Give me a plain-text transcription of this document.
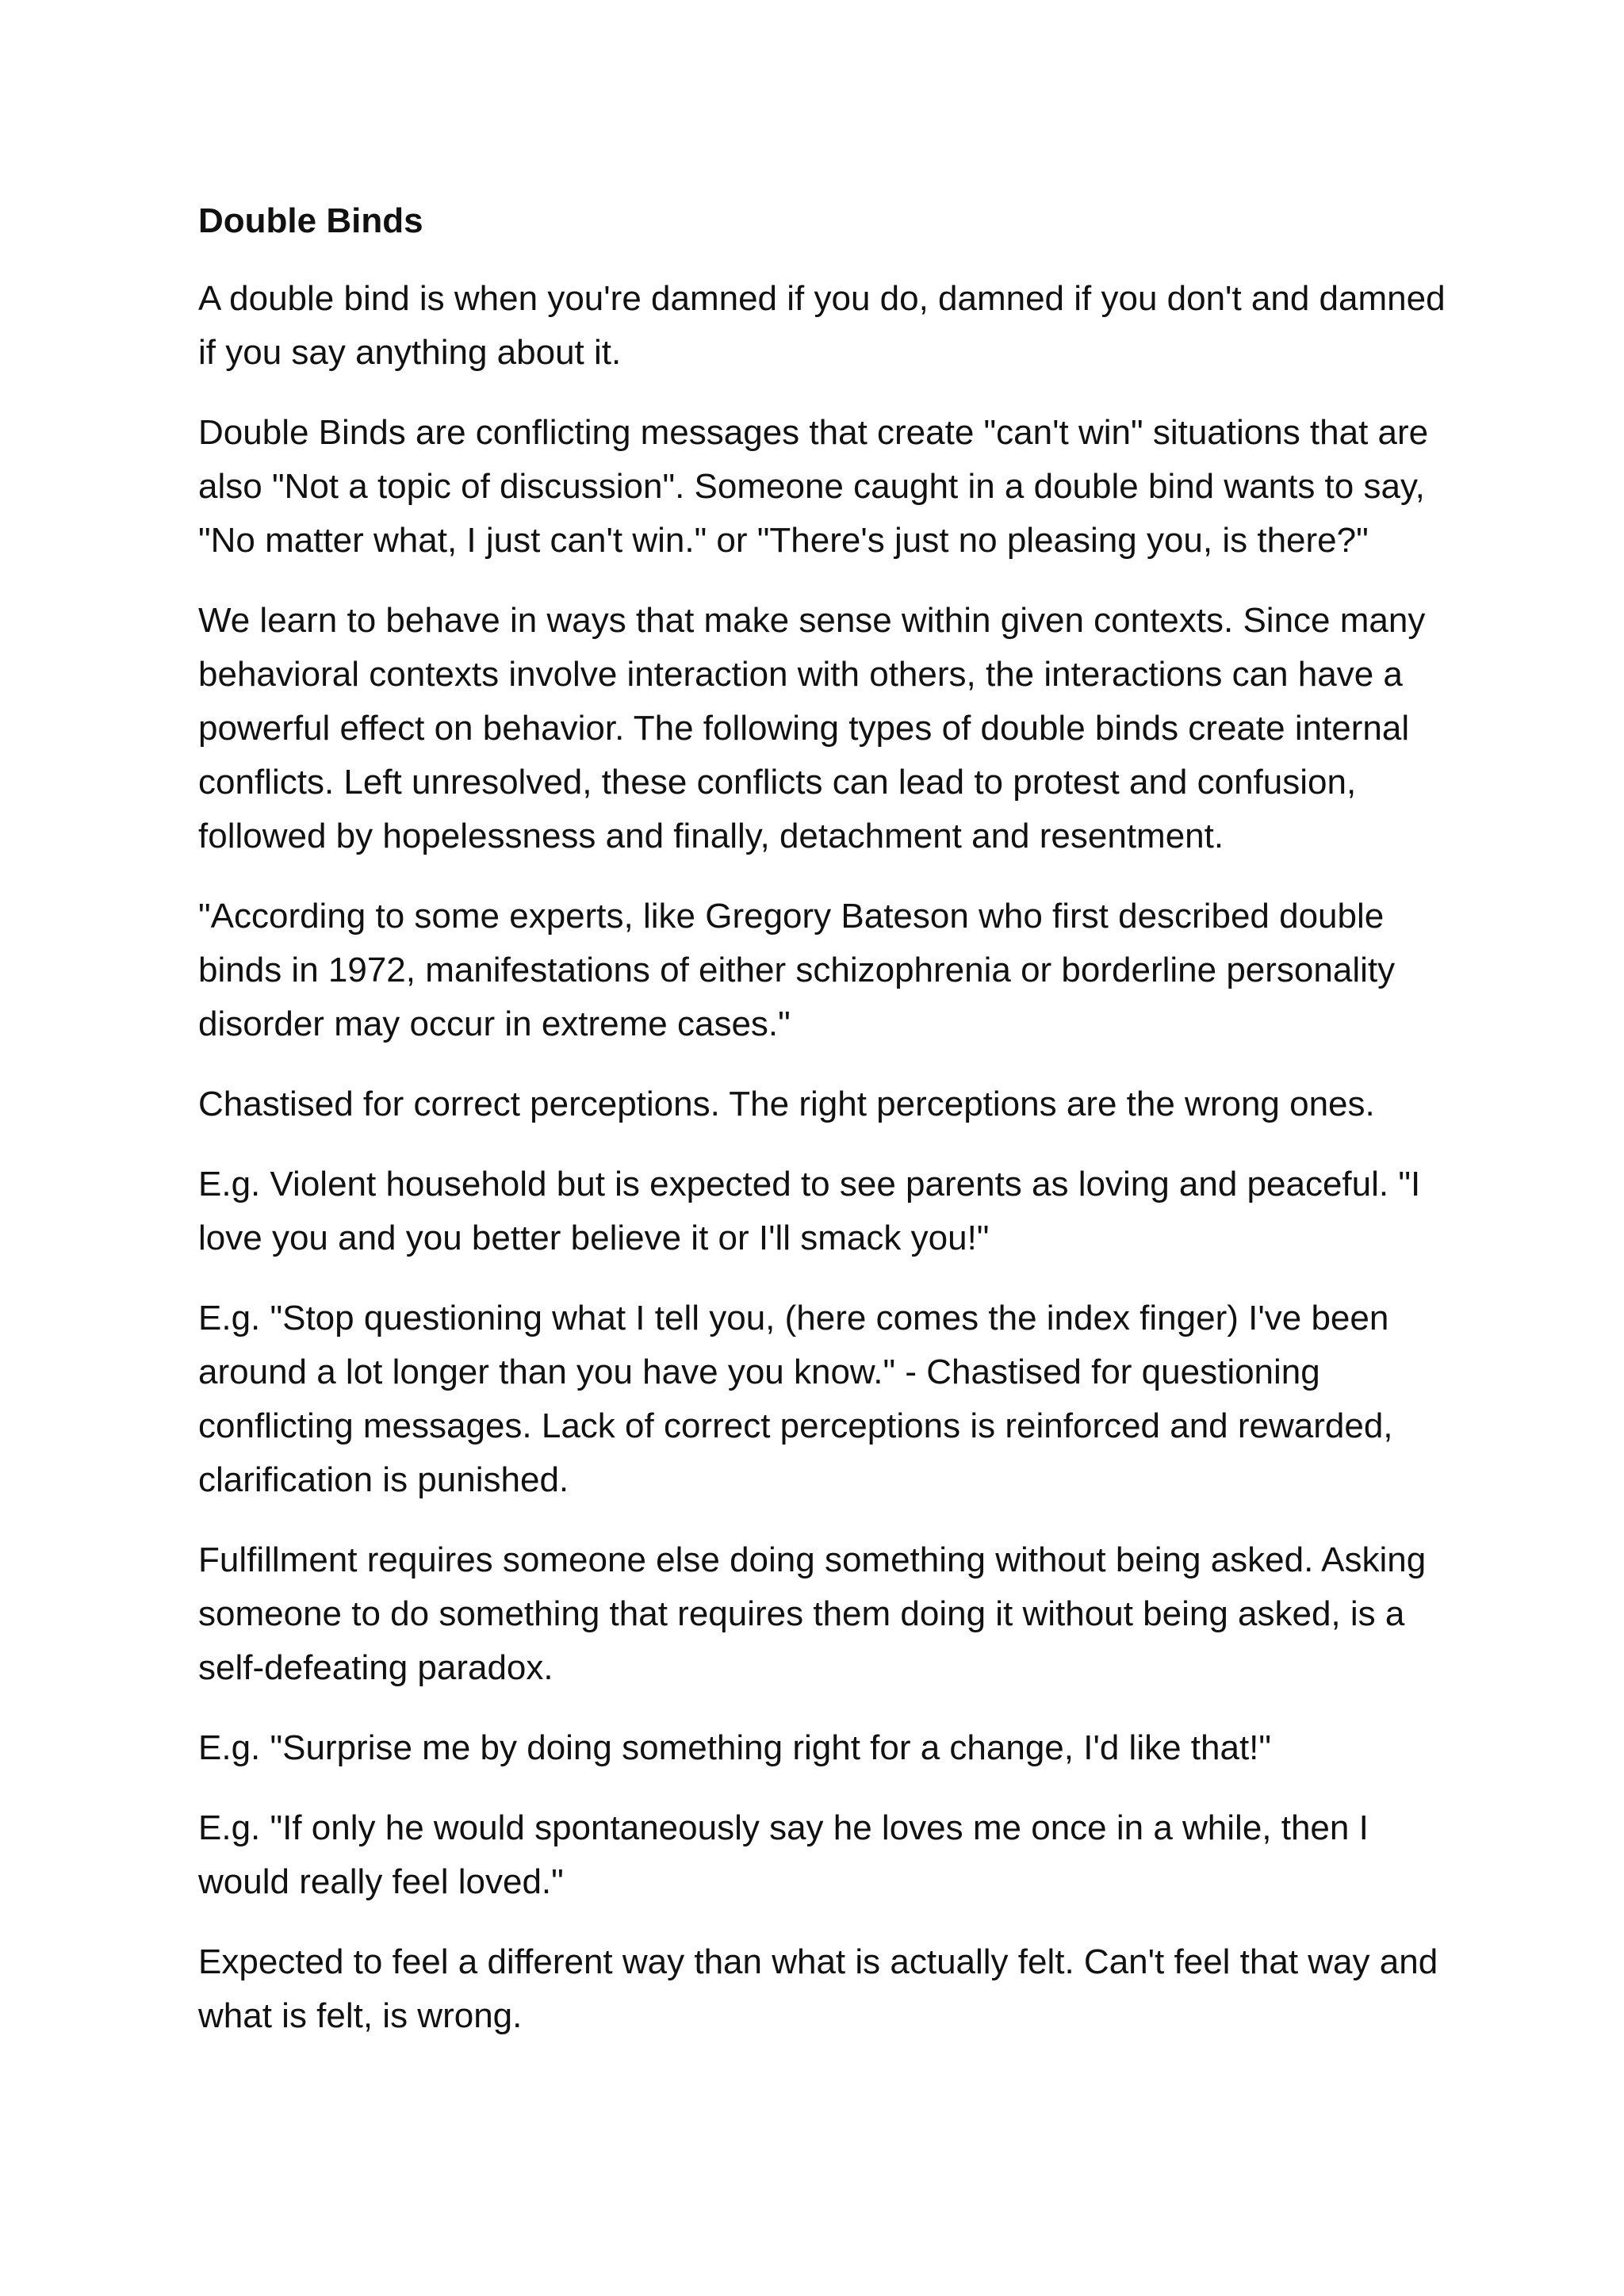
Double Binds

A double bind is when you're damned if you do, damned if you don't and damned if you say anything about it.

Double Binds are conflicting messages that create "can't win" situations that are also "Not a topic of discussion". Someone caught in a double bind wants to say, "No matter what, I just can't win." or "There's just no pleasing you, is there?"

We learn to behave in ways that make sense within given contexts. Since many behavioral contexts involve interaction with others, the interactions can have a powerful effect on behavior. The following types of double binds create internal conflicts. Left unresolved, these conflicts can lead to protest and confusion, followed by hopelessness and finally, detachment and resentment.

"According to some experts, like Gregory Bateson who first described double binds in 1972, manifestations of either schizophrenia or borderline personality disorder may occur in extreme cases."

Chastised for correct perceptions. The right perceptions are the wrong ones.

E.g. Violent household but is expected to see parents as loving and peaceful. "I love you and you better believe it or I'll smack you!"

E.g. "Stop questioning what I tell you, (here comes the index finger) I've been around a lot longer than you have you know." - Chastised for questioning conflicting messages. Lack of correct perceptions is reinforced and rewarded, clarification is punished.

Fulfillment requires someone else doing something without being asked. Asking someone to do something that requires them doing it without being asked, is a self-defeating paradox.

E.g. "Surprise me by doing something right for a change, I'd like that!"

E.g. "If only he would spontaneously say he loves me once in a while, then I would really feel loved."

Expected to feel a different way than what is actually felt. Can't feel that way and what is felt, is wrong.
